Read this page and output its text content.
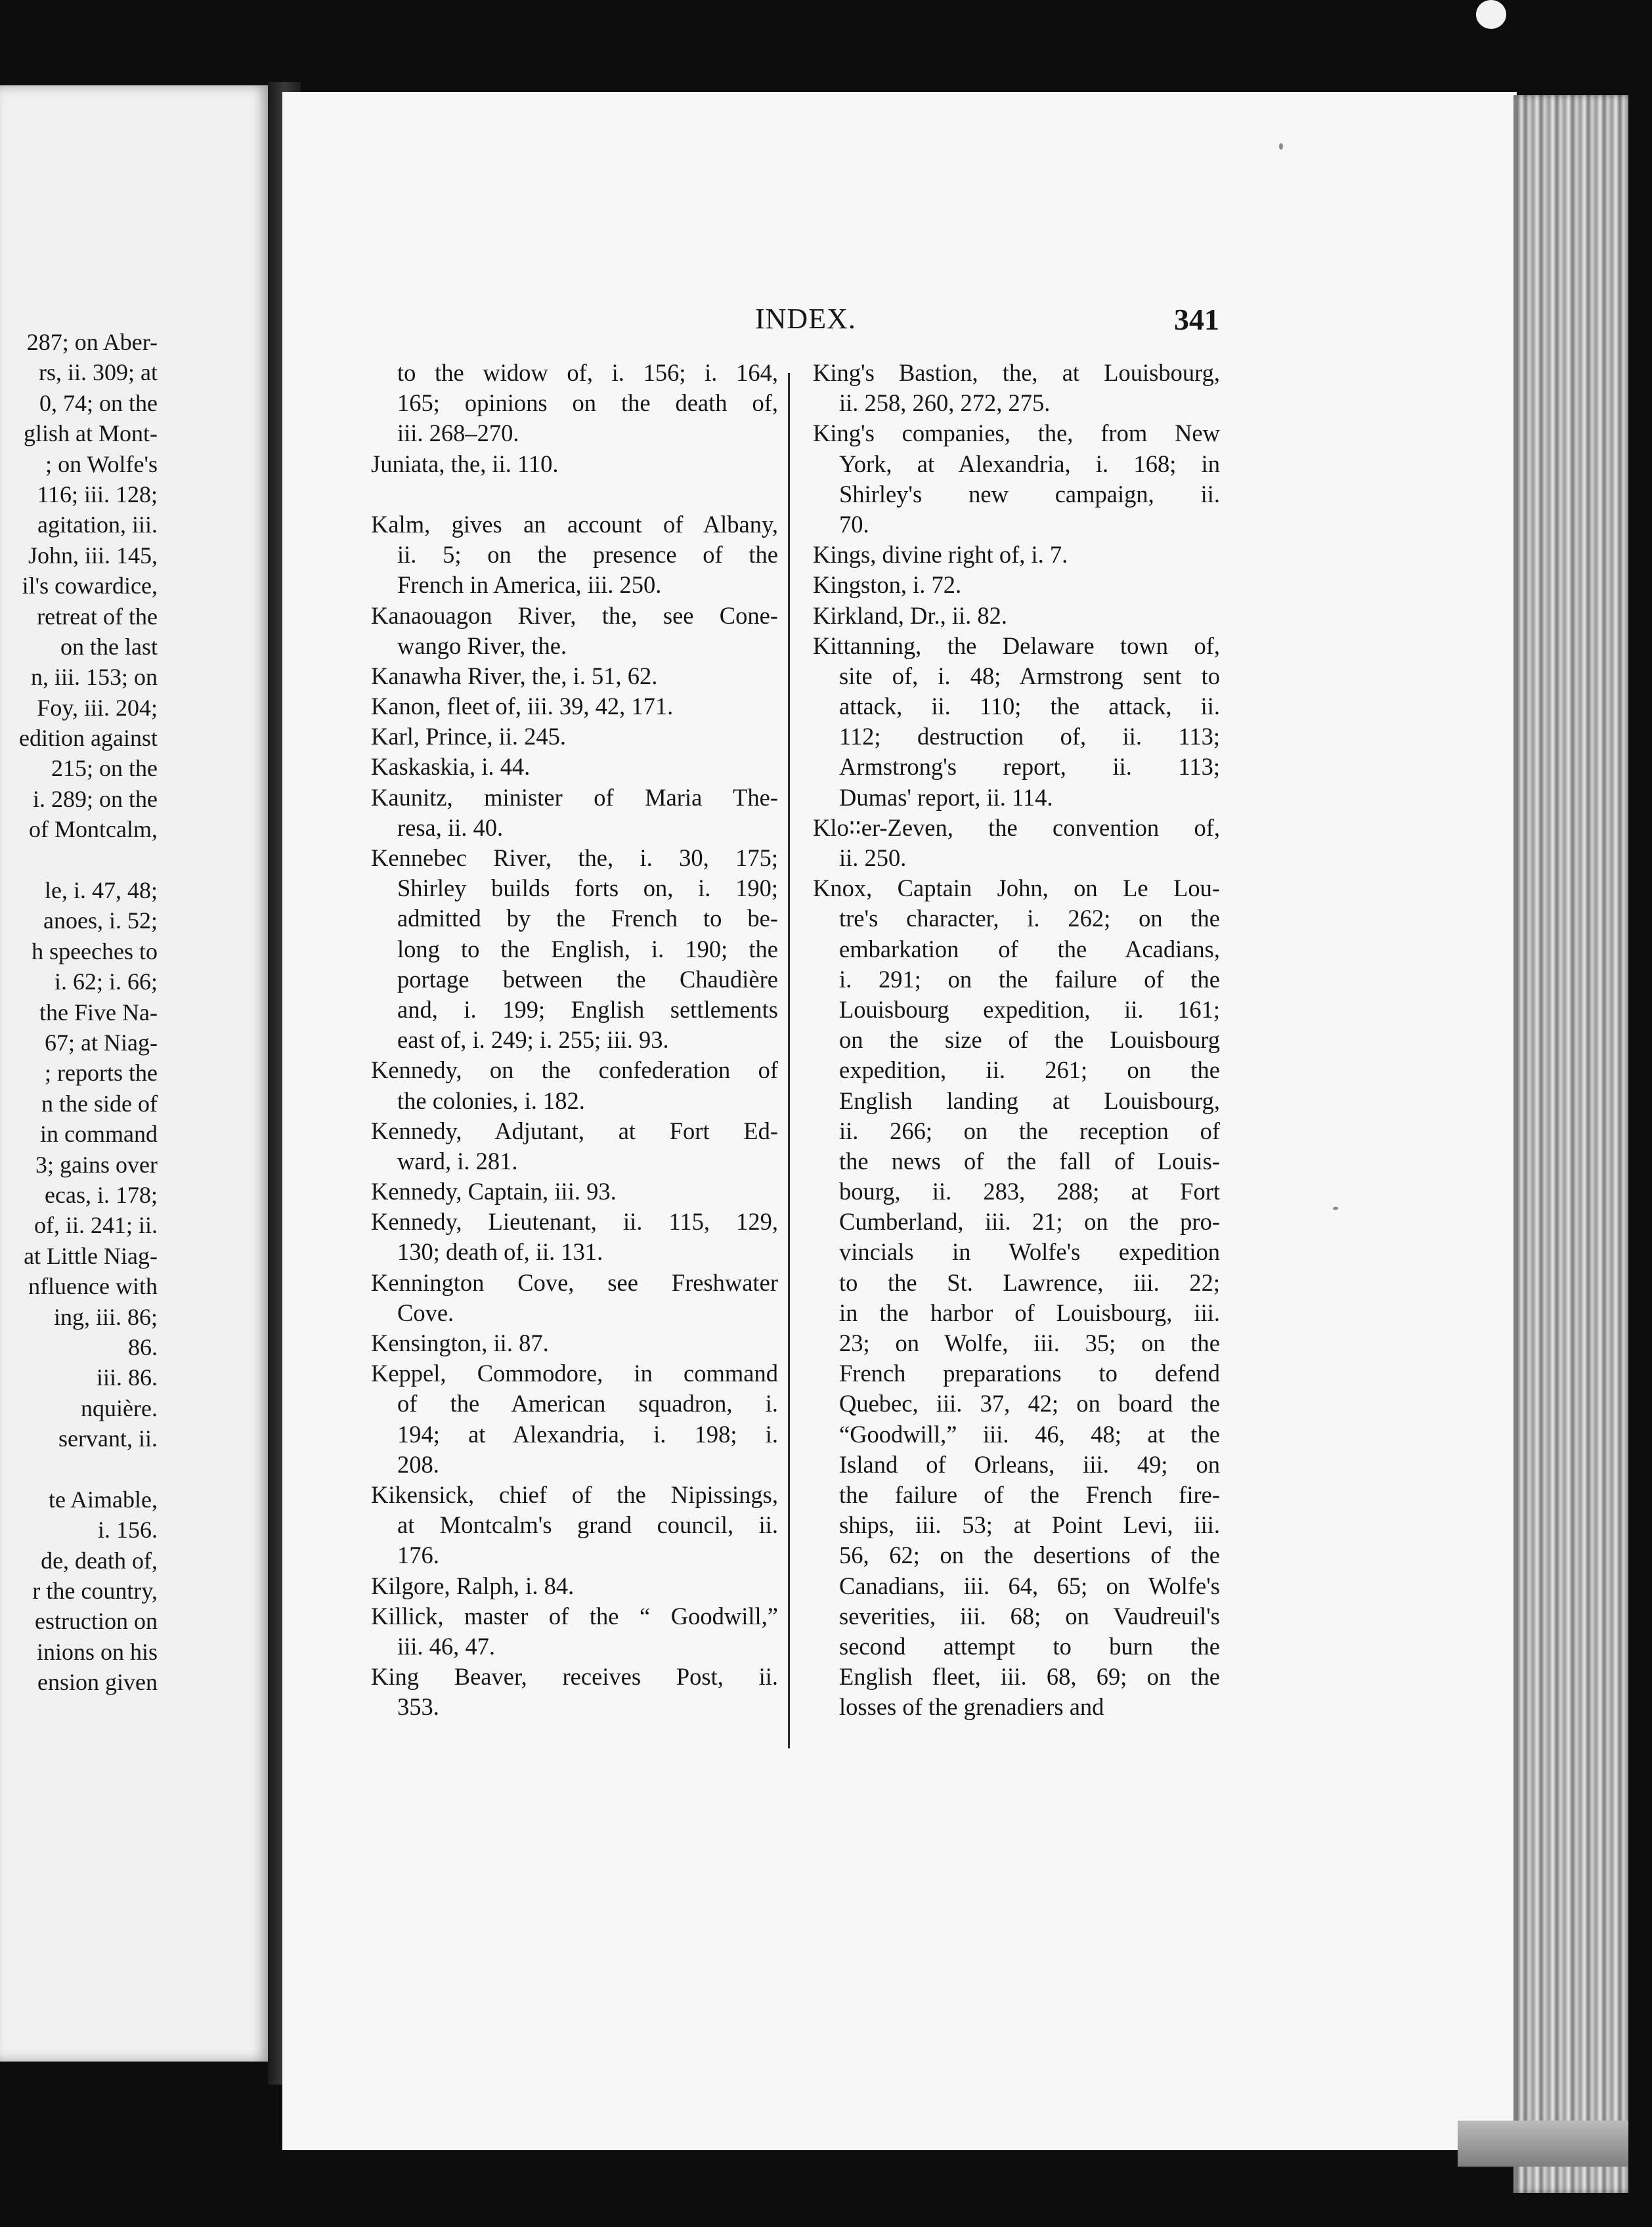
287; on Aber-
rs, ii. 309; at
0, 74; on the
glish at Mont-
; on Wolfe's
116; iii. 128;
agitation, iii.
John, iii. 145,
il's cowardice,
retreat of the
on the last
n, iii. 153; on
Foy, iii. 204;
edition against
215; on the
i. 289; on the
of Montcalm,
le, i. 47, 48;
anoes, i. 52;
h speeches to
i. 62; i. 66;
the Five Na-
67; at Niag-
; reports the
n the side of
in command
3; gains over
ecas, i. 178;
of, ii. 241; ii.
at Little Niag-
nfluence with
ing, iii. 86;
86.
iii. 86.
nquière.
servant, ii.
te Aimable,
i. 156.
de, death of,
r the country,
estruction on
inions on his
ension given
INDEX.	341
to the widow of, i. 156; i. 164,
165; opinions on the death of,
iii. 268–270.
Juniata, the, ii. 110.
Kalm, gives an account of Albany,
ii. 5; on the presence of the
French in America, iii. 250.
Kanaouagon River, the, see Cone-
wango River, the.
Kanawha River, the, i. 51, 62.
Kanon, fleet of, iii. 39, 42, 171.
Karl, Prince, ii. 245.
Kaskaskia, i. 44.
Kaunitz, minister of Maria The-
resa, ii. 40.
Kennebec River, the, i. 30, 175;
Shirley builds forts on, i. 190;
admitted by the French to be-
long to the English, i. 190; the
portage between the Chaudière
and, i. 199; English settlements
east of, i. 249; i. 255; iii. 93.
Kennedy, on the confederation of
the colonies, i. 182.
Kennedy, Adjutant, at Fort Ed-
ward, i. 281.
Kennedy, Captain, iii. 93.
Kennedy, Lieutenant, ii. 115, 129,
130; death of, ii. 131.
Kennington Cove, see Freshwater
Cove.
Kensington, ii. 87.
Keppel, Commodore, in command
of the American squadron, i.
194; at Alexandria, i. 198; i.
208.
Kikensick, chief of the Nipissings,
at Montcalm's grand council, ii.
176.
Kilgore, Ralph, i. 84.
Killick, master of the “ Goodwill,”
iii. 46, 47.
King Beaver, receives Post, ii.
353.
King's Bastion, the, at Louisbourg,
ii. 258, 260, 272, 275.
King's companies, the, from New
York, at Alexandria, i. 168; in
Shirley's new campaign, ii.
70.
Kings, divine right of, i. 7.
Kingston, i. 72.
Kirkland, Dr., ii. 82.
Kittanning, the Delaware town of,
site of, i. 48; Armstrong sent to
attack, ii. 110; the attack, ii.
112; destruction of, ii. 113;
Armstrong's report, ii. 113;
Dumas' report, ii. 114.
Klo∶∶er-Zeven, the convention of,
ii. 250.
Knox, Captain John, on Le Lou-
tre's character, i. 262; on the
embarkation of the Acadians,
i. 291; on the failure of the
Louisbourg expedition, ii. 161;
on the size of the Louisbourg
expedition, ii. 261; on the
English landing at Louisbourg,
ii. 266; on the reception of
the news of the fall of Louis-
bourg, ii. 283, 288; at Fort
Cumberland, iii. 21; on the pro-
vincials in Wolfe's expedition
to the St. Lawrence, iii. 22;
in the harbor of Louisbourg, iii.
23; on Wolfe, iii. 35; on the
French preparations to defend
Quebec, iii. 37, 42; on board the
“Goodwill,” iii. 46, 48; at the
Island of Orleans, iii. 49; on
the failure of the French fire-
ships, iii. 53; at Point Levi, iii.
56, 62; on the desertions of the
Canadians, iii. 64, 65; on Wolfe's
severities, iii. 68; on Vaudreuil's
second attempt to burn the
English fleet, iii. 68, 69; on the
losses of the grenadiers and
